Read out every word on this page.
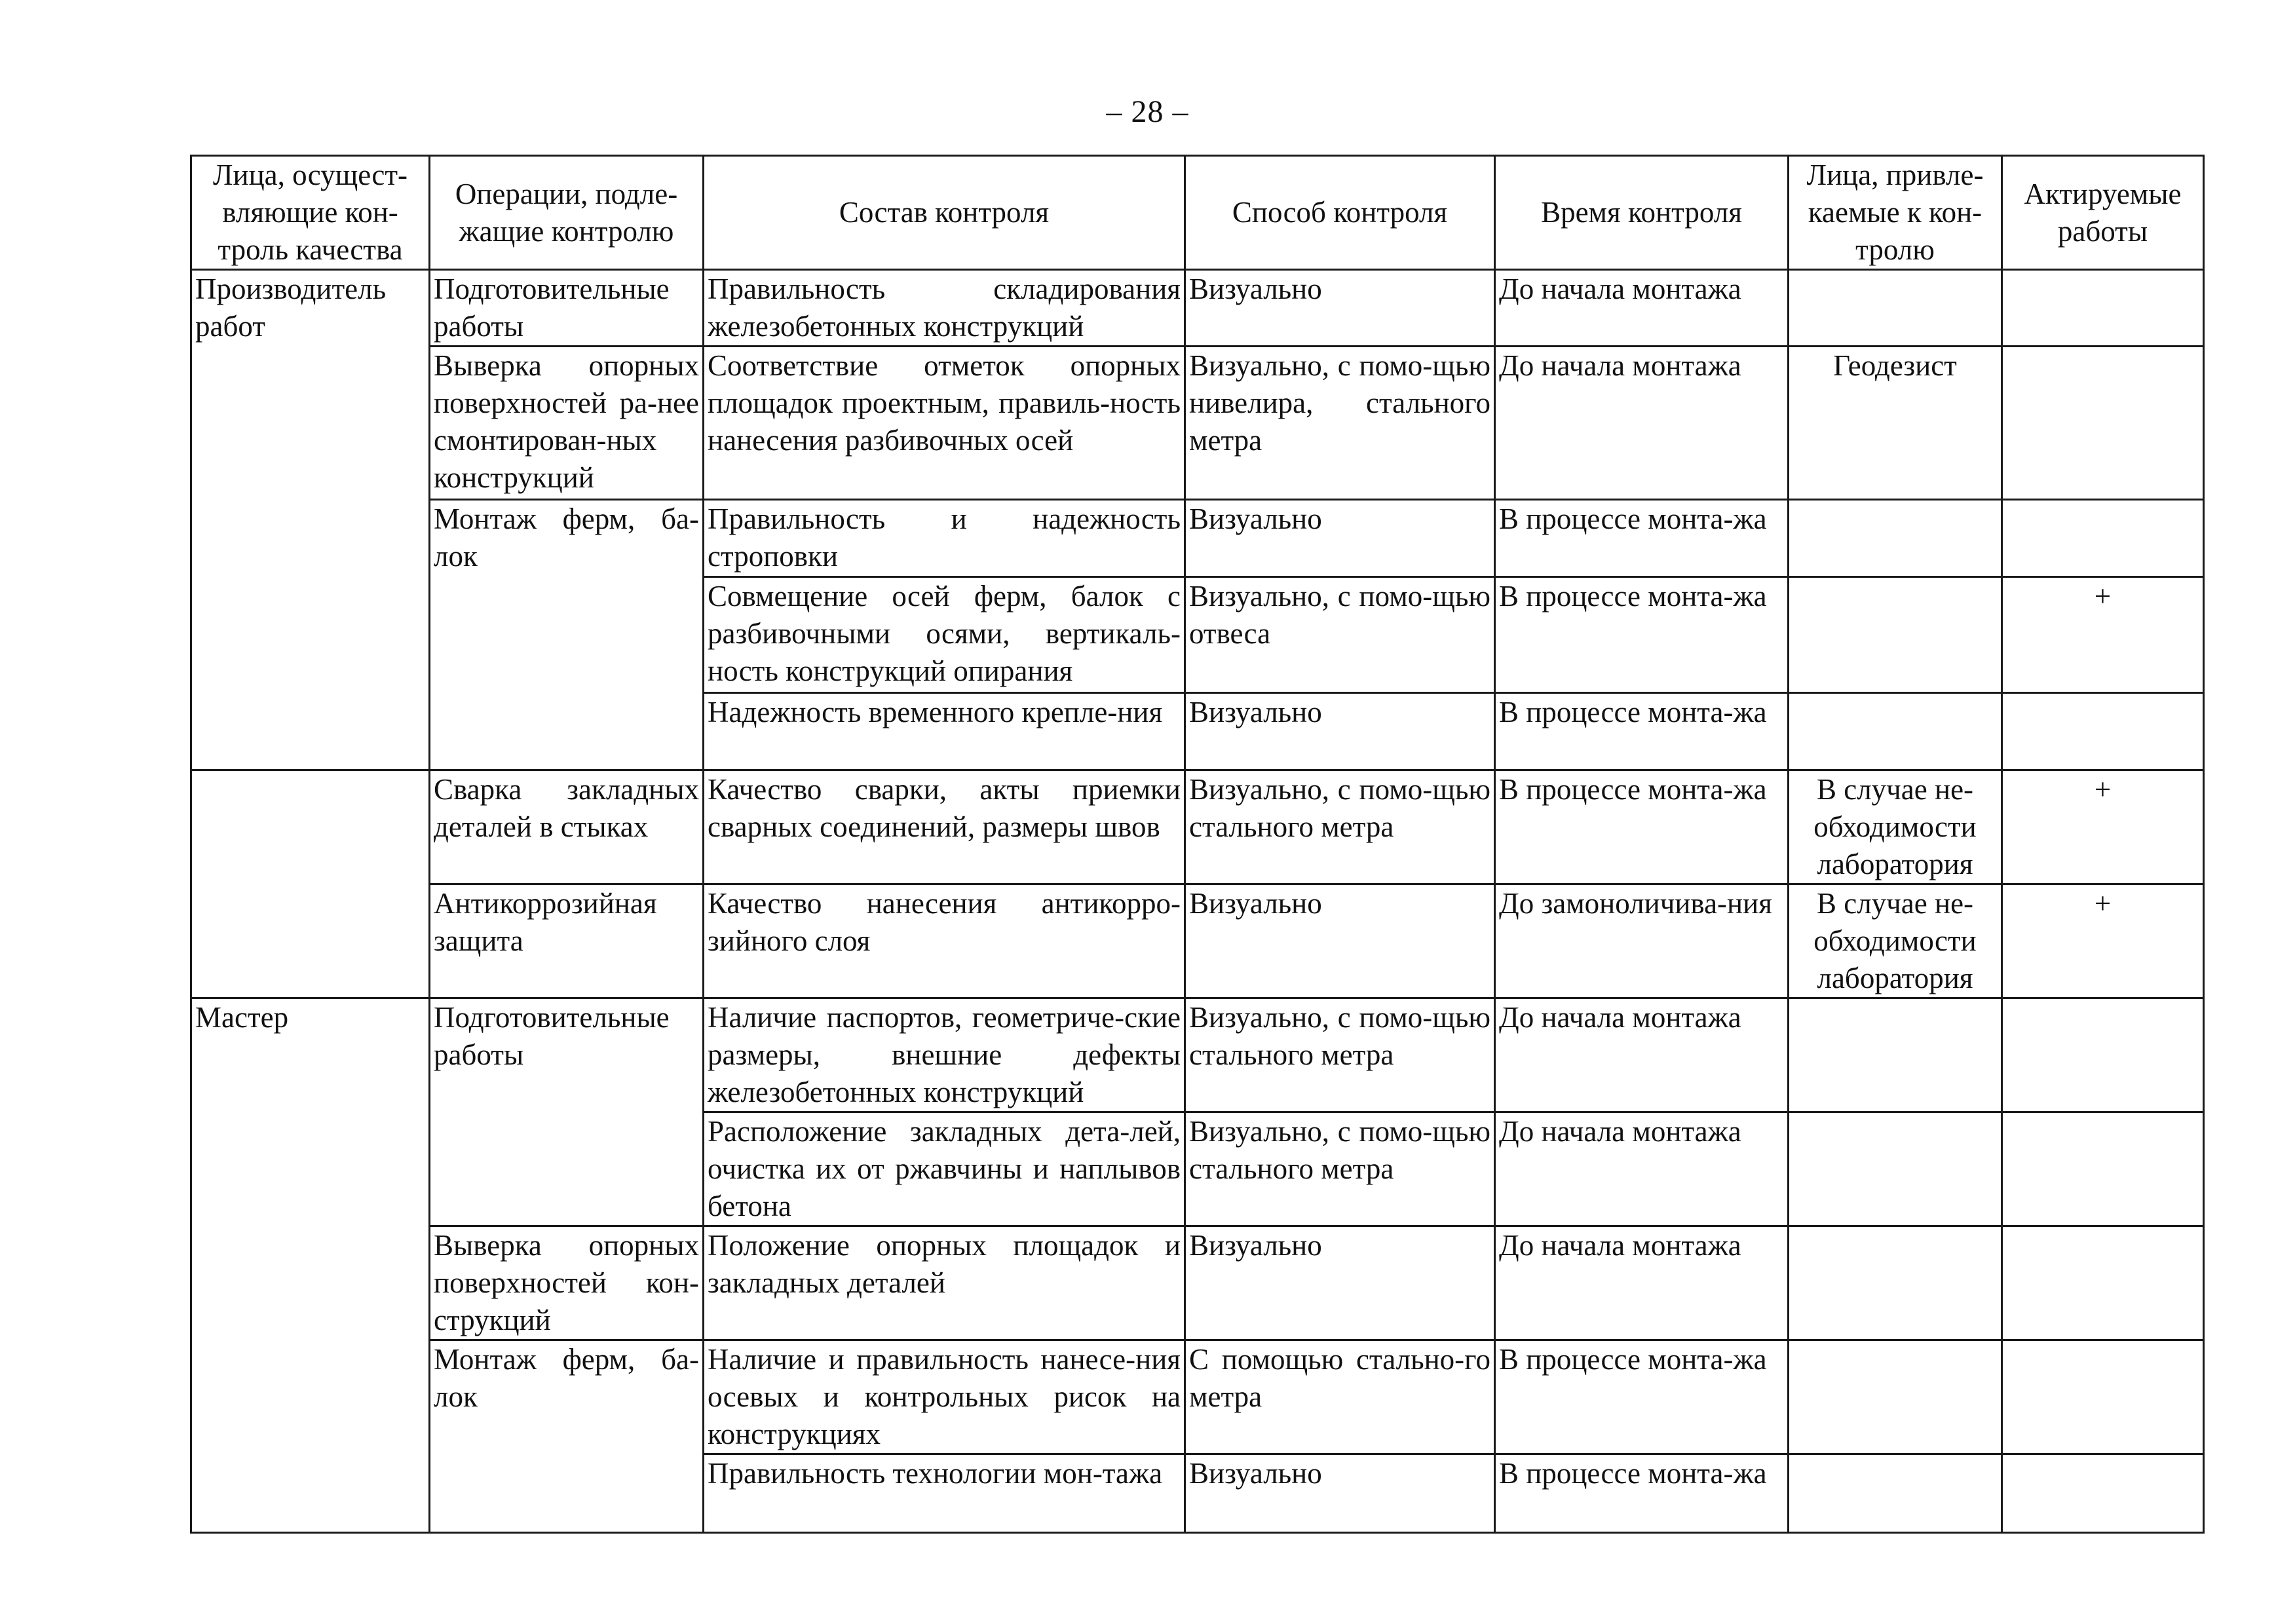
– 28 –
Лица, осущест-вляющие кон-троль качества	Операции, подле-жащие контролю	Состав контроля	Способ контроля	Время контроля	Лица, привле-каемые к кон-тролю	Актируемые работы
Производитель работ	Подготовительные работы	Правильность складирования железобетонных конструкций	Визуально	До начала монтажа		
	Выверка опорных поверхностей ра-нее смонтирован-ных конструкций	Соответствие отметок опорных площадок проектным, правиль-ность нанесения разбивочных осей	Визуально, с помо-щью нивелира, стального метра	До начала монтажа	Геодезист	
	Монтаж ферм, ба-лок	Правильность и надежность строповки	Визуально	В процессе монта-жа		
		Совмещение осей ферм, балок с разбивочными осями, вертикаль-ность конструкций опирания	Визуально, с помо-щью отвеса	В процессе монта-жа		+
		Надежность временного крепле-ния	Визуально	В процессе монта-жа		
	Сварка закладных деталей в стыках	Качество сварки, акты приемки сварных соединений, размеры швов	Визуально, с помо-щью стального метра	В процессе монта-жа	В случае не-обходимости лаборатория	+
	Антикоррозийная защита	Качество нанесения антикорро-зийного слоя	Визуально	До замоноличива-ния	В случае не-обходимости лаборатория	+
Мастер	Подготовительные работы	Наличие паспортов, геометриче-ские размеры, внешние дефекты железобетонных конструкций	Визуально, с помо-щью стального метра	До начала монтажа		
		Расположение закладных дета-лей, очистка их от ржавчины и наплывов бетона	Визуально, с помо-щью стального метра	До начала монтажа		
	Выверка опорных поверхностей кон-струкций	Положение опорных площадок и закладных деталей	Визуально	До начала монтажа		
	Монтаж ферм, ба-лок	Наличие и правильность нанесе-ния осевых и контрольных рисок на конструкциях	С помощью стально-го метра	В процессе монта-жа		
		Правильность технологии мон-тажа	Визуально	В процессе монта-жа		
